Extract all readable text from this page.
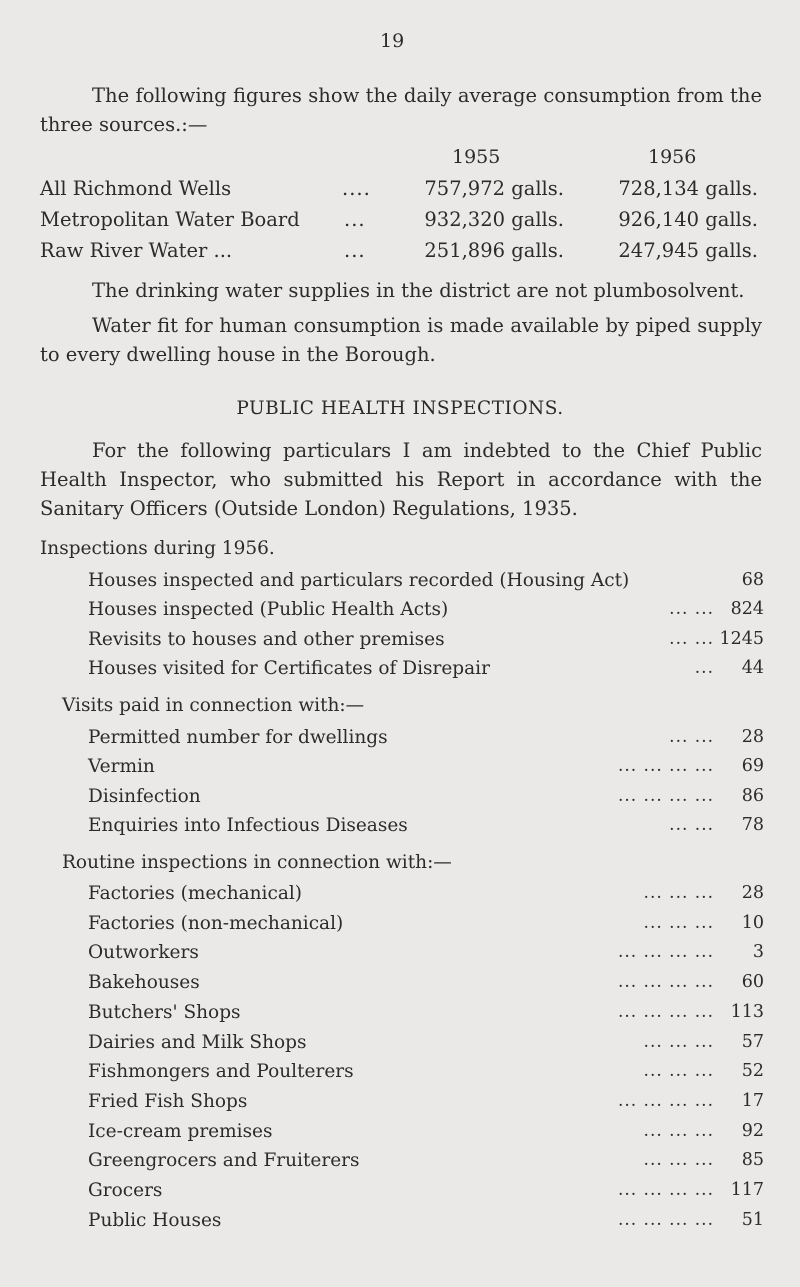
19
The following figures show the daily average consumption from the three sources.:—
1955	1956
All Richmond Wells	....	757,972 galls.	728,134 galls.
Metropolitan Water Board ...	932,320 galls.	926,140 galls.
Raw River Water ...	...	251,896 galls.	247,945 galls.
The drinking water supplies in the district are not plumbosolvent.
Water fit for human consumption is made available by piped supply to every dwelling house in the Borough.
PUBLIC HEALTH INSPECTIONS.
For the following particulars I am indebted to the Chief Public Health Inspector, who submitted his Report in accordance with the Sanitary Officers (Outside London) Regulations, 1935.
Inspections during 1956.
Houses inspected and particulars recorded (Housing Act)	68
Houses inspected (Public Health Acts)	... ... 824
Revisits to houses and other premises	... ... 1245
Houses visited for Certificates of Disrepair	... 44
Visits paid in connection with:—
Permitted number for dwellings	... ... 28
Vermin	... ... ... ... 69
Disinfection	... ... ... ... 86
Enquiries into Infectious Diseases	... ... 78
Routine inspections in connection with:—
Factories (mechanical)	... ... ... 28
Factories (non-mechanical)	... ... ... 10
Outworkers	... ... ... ... 3
Bakehouses	... ... ... ... 60
Butchers' Shops	... ... ... ... 113
Dairies and Milk Shops	... ... ... 57
Fishmongers and Poulterers	... ... ... 52
Fried Fish Shops	... ... ... ... 17
Ice-cream premises	... ... ... 92
Greengrocers and Fruiterers	... ... ... 85
Grocers	... ... ... ... 117
Public Houses	... ... ... ... 51
